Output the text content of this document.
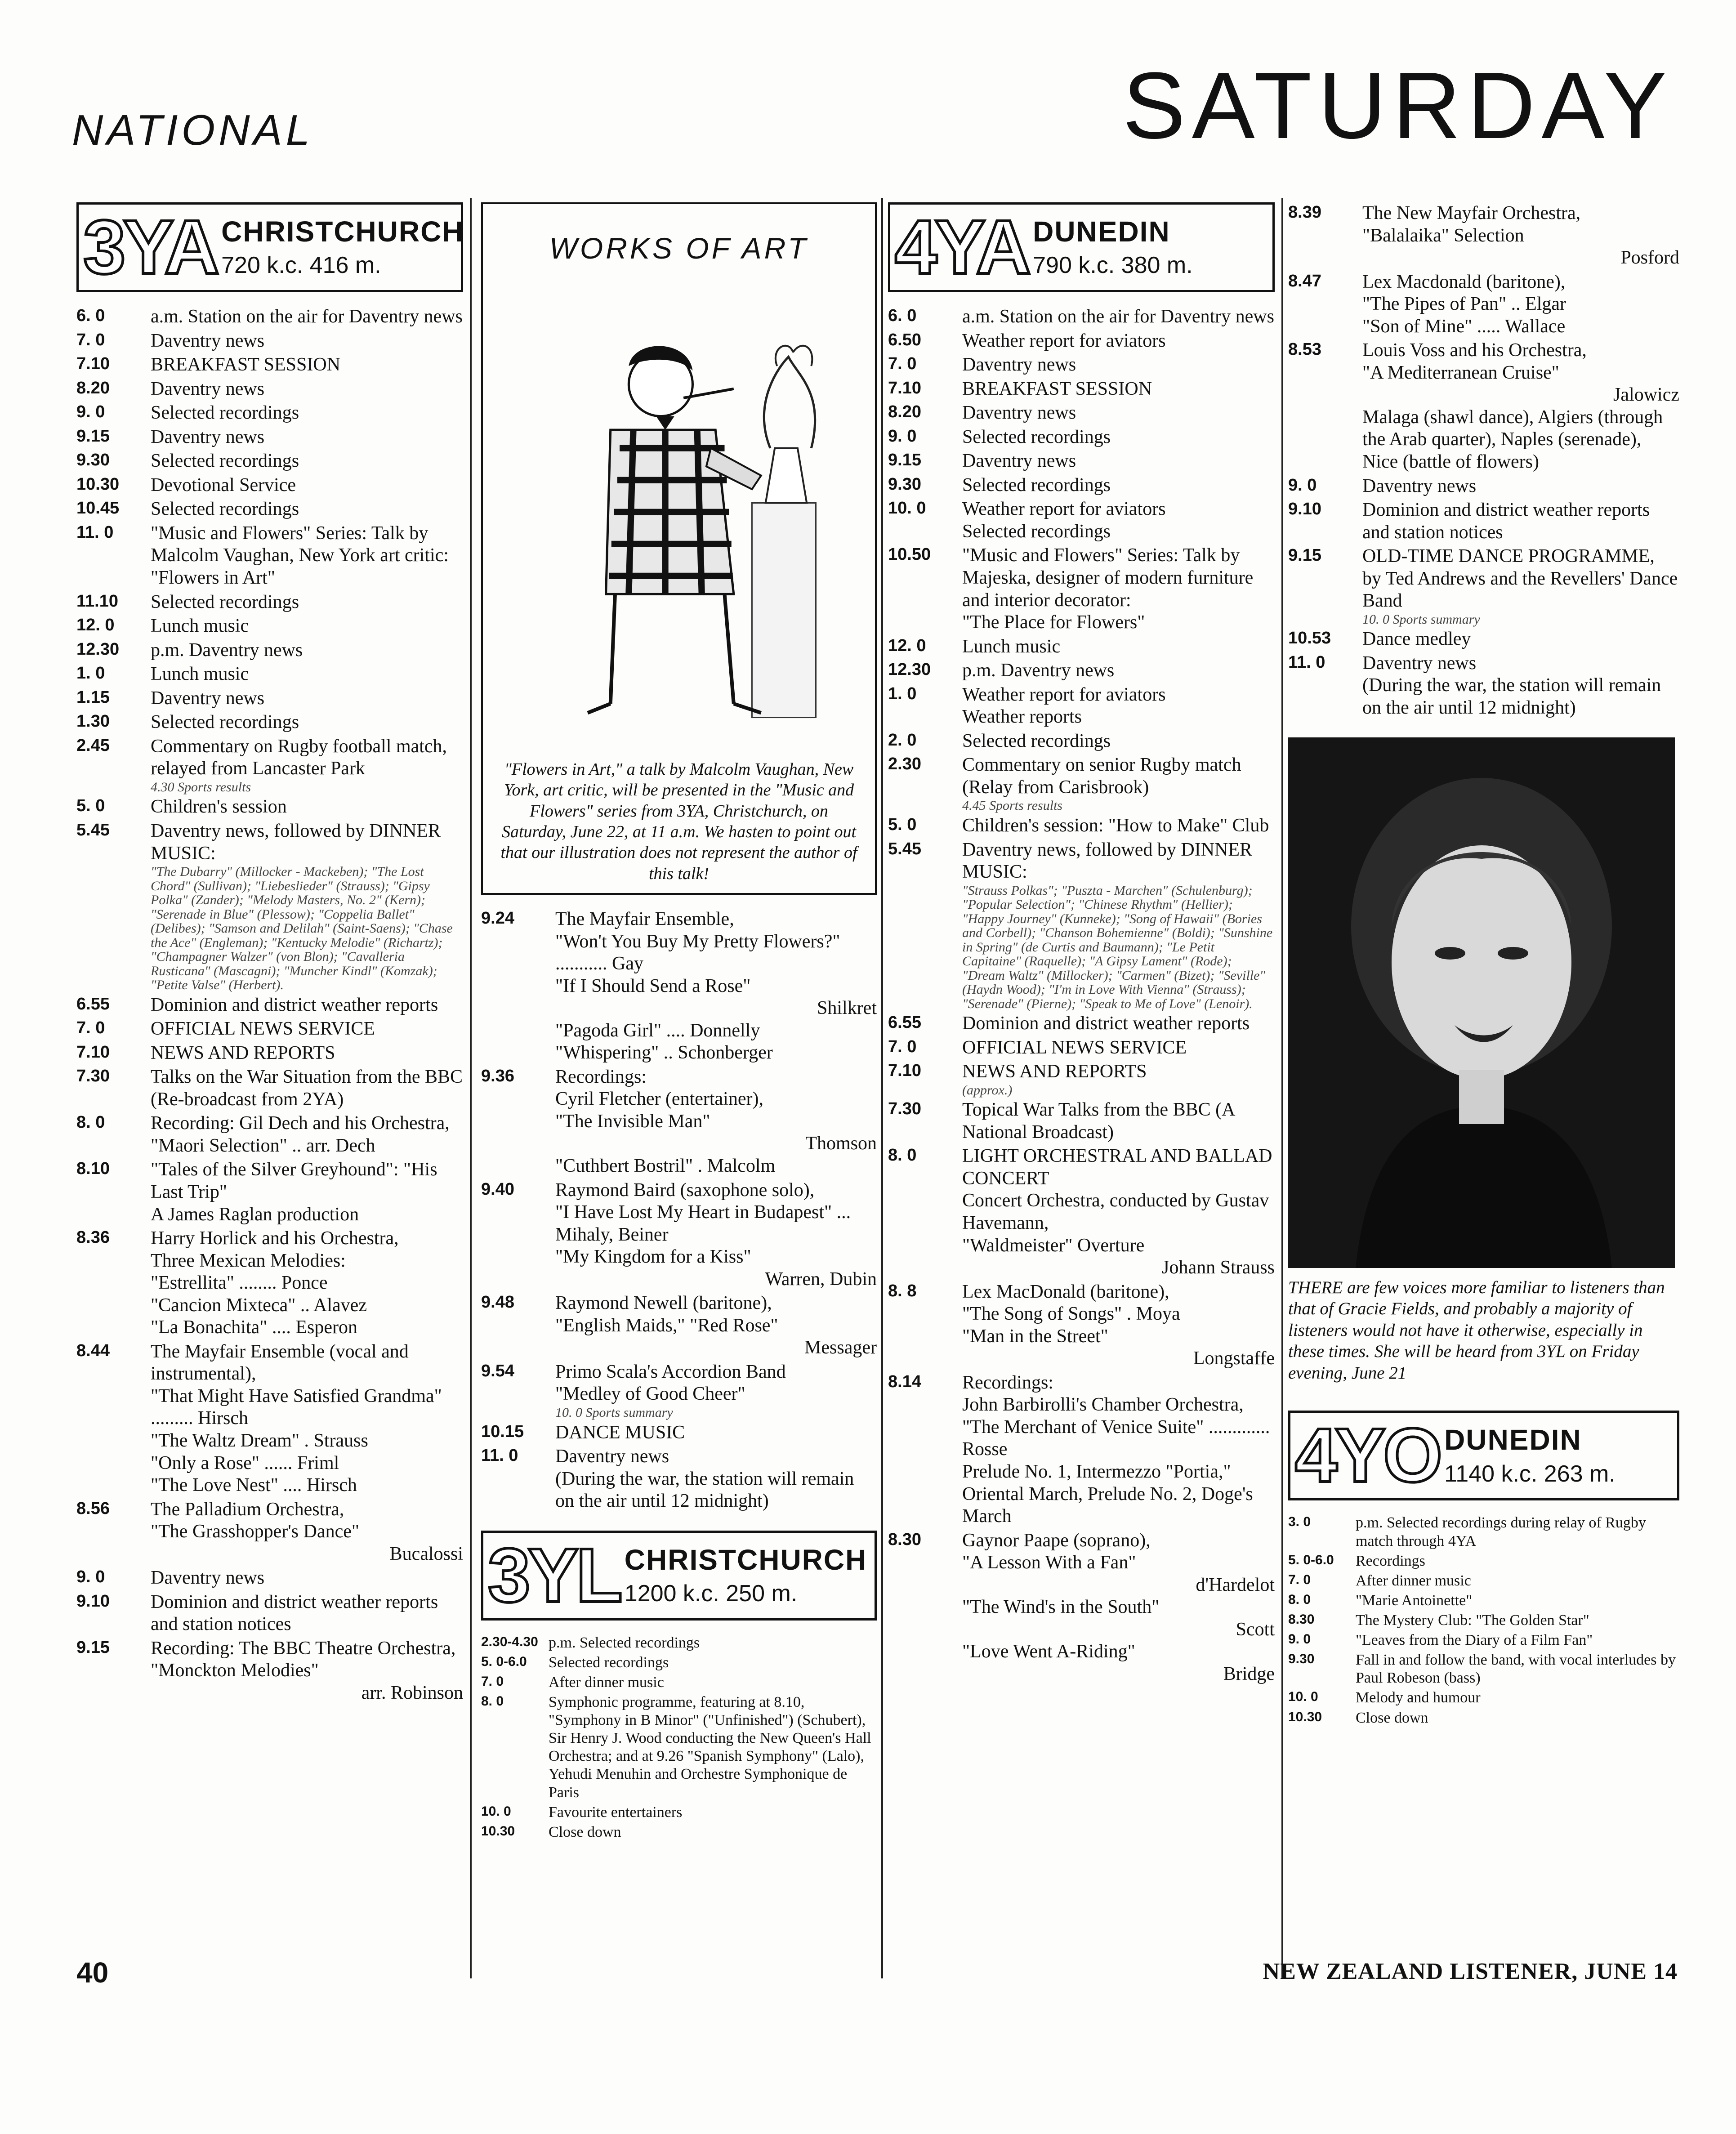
NATIONAL	SATURDAY
3YA CHRISTCHURCH
720 k.c. 416 m.
6. 0	a.m. Station on the air for Daventry news
7. 0	Daventry news
7.10	BREAKFAST SESSION
8.20	Daventry news
9. 0	Selected recordings
9.15	Daventry news
9.30	Selected recordings
10.30	Devotional Service
10.45	Selected recordings
11. 0	"Music and Flowers" Series: Talk by Malcolm Vaughan, New York art critic:
"Flowers in Art"
11.10	Selected recordings
12. 0	Lunch music
12.30	p.m. Daventry news
1. 0	Lunch music
1.15	Daventry news
1.30	Selected recordings
2.45	Commentary on Rugby football match, relayed from Lancaster Park
4.30 Sports results
5. 0	Children's session
5.45	Daventry news, followed by DINNER MUSIC:
"The Dubarry" (Millocker - Mackeben); "The Lost Chord" (Sullivan); "Liebeslieder" (Strauss); "Gipsy Polka" (Zander); "Melody Masters, No. 2" (Kern); "Serenade in Blue" (Plessow); "Coppelia Ballet" (Delibes); "Samson and Delilah" (Saint-Saens); "Chase the Ace" (Engleman); "Kentucky Melodie" (Richartz); "Champagner Walzer" (von Blon); "Cavalleria Rusticana" (Mascagni); "Muncher Kindl" (Komzak); "Petite Valse" (Herbert).
6.55	Dominion and district weather reports
7. 0	OFFICIAL NEWS SERVICE
7.10	NEWS AND REPORTS
7.30	Talks on the War Situation from the BBC (Re-broadcast from 2YA)
8. 0	Recording: Gil Dech and his Orchestra,
"Maori Selection" .. arr. Dech
8.10	"Tales of the Silver Greyhound": "His Last Trip"
A James Raglan production
8.36	Harry Horlick and his Orchestra,
Three Mexican Melodies:
"Estrellita" ........ Ponce
"Cancion Mixteca" .. Alavez
"La Bonachita" .... Esperon
8.44	The Mayfair Ensemble (vocal and instrumental),
"That Might Have Satisfied Grandma" ......... Hirsch
"The Waltz Dream" . Strauss
"Only a Rose" ...... Friml
"The Love Nest" .... Hirsch
8.56	The Palladium Orchestra,
"The Grasshopper's Dance"
Bucalossi
9. 0	Daventry news
9.10	Dominion and district weather reports and station notices
9.15	Recording: The BBC Theatre Orchestra,
"Monckton Melodies"
arr. Robinson
WORKS OF ART
"Flowers in Art," a talk by Malcolm Vaughan, New York, art critic, will be presented in the "Music and Flowers" series from 3YA, Christchurch, on Saturday, June 22, at 11 a.m. We hasten to point out that our illustration does not represent the author of this talk!
9.24	The Mayfair Ensemble,
"Won't You Buy My Pretty Flowers?" ........... Gay
"If I Should Send a Rose"
Shilkret
"Pagoda Girl" .... Donnelly
"Whispering" .. Schonberger
9.36	Recordings:
Cyril Fletcher (entertainer),
"The Invisible Man"
Thomson
"Cuthbert Bostril" . Malcolm
9.40	Raymond Baird (saxophone solo),
"I Have Lost My Heart in Budapest" ... Mihaly, Beiner
"My Kingdom for a Kiss"
Warren, Dubin
9.48	Raymond Newell (baritone),
"English Maids," "Red Rose"
Messager
9.54	Primo Scala's Accordion Band
"Medley of Good Cheer"
10. 0 Sports summary
10.15	DANCE MUSIC
11. 0	Daventry news
(During the war, the station will remain on the air until 12 midnight)
3YL CHRISTCHURCH
1200 k.c. 250 m.
2.30-4.30 p.m. Selected recordings
5. 0-6.0	Selected recordings
7. 0	After dinner music
8. 0	Symphonic programme, featuring at 8.10, "Symphony in B Minor" ("Unfinished") (Schubert), Sir Henry J. Wood conducting the New Queen's Hall Orchestra; and at 9.26 "Spanish Symphony" (Lalo), Yehudi Menuhin and Orchestre Symphonique de Paris
10. 0	Favourite entertainers
10.30	Close down
4YA DUNEDIN
790 k.c. 380 m.
6. 0	a.m. Station on the air for Daventry news
6.50	Weather report for aviators
7. 0	Daventry news
7.10	BREAKFAST SESSION
8.20	Daventry news
9. 0	Selected recordings
9.15	Daventry news
9.30	Selected recordings
10. 0	Weather report for aviators
Selected recordings
10.50	"Music and Flowers" Series: Talk by Majeska, designer of modern furniture and interior decorator:
"The Place for Flowers"
12. 0	Lunch music
12.30	p.m. Daventry news
1. 0	Weather report for aviators
Weather reports
2. 0	Selected recordings
2.30	Commentary on senior Rugby match (Relay from Carisbrook)
4.45 Sports results
5. 0	Children's session: "How to Make" Club
5.45	Daventry news, followed by DINNER MUSIC:
"Strauss Polkas"; "Puszta - Marchen" (Schulenburg); "Popular Selection"; "Chinese Rhythm" (Hellier); "Happy Journey" (Kunneke); "Song of Hawaii" (Bories and Corbell); "Chanson Bohemienne" (Boldi); "Sunshine in Spring" (de Curtis and Baumann); "Le Petit Capitaine" (Raquelle); "A Gipsy Lament" (Rode); "Dream Waltz" (Millocker); "Carmen" (Bizet); "Seville" (Haydn Wood); "I'm in Love With Vienna" (Strauss); "Serenade" (Pierne); "Speak to Me of Love" (Lenoir).
6.55	Dominion and district weather reports
7. 0	OFFICIAL NEWS SERVICE
7.10	NEWS AND REPORTS
(approx.)
7.30	Topical War Talks from the BBC (A National Broadcast)
8. 0	LIGHT ORCHESTRAL AND BALLAD CONCERT
Concert Orchestra, conducted by Gustav Havemann,
"Waldmeister" Overture
Johann Strauss
8. 8	Lex MacDonald (baritone),
"The Song of Songs" . Moya
"Man in the Street"
Longstaffe
8.14	Recordings:
John Barbirolli's Chamber Orchestra,
"The Merchant of Venice Suite" ............. Rosse
Prelude No. 1, Intermezzo "Portia," Oriental March, Prelude No. 2, Doge's March
8.30	Gaynor Paape (soprano),
"A Lesson With a Fan"
d'Hardelot
"The Wind's in the South"
Scott
"Love Went A-Riding"
Bridge
8.39	The New Mayfair Orchestra,
"Balalaika" Selection
Posford
8.47	Lex Macdonald (baritone),
"The Pipes of Pan" .. Elgar
"Son of Mine" ..... Wallace
8.53	Louis Voss and his Orchestra,
"A Mediterranean Cruise"
Jalowicz
Malaga (shawl dance), Algiers (through the Arab quarter), Naples (serenade), Nice (battle of flowers)
9. 0	Daventry news
9.10	Dominion and district weather reports and station notices
9.15	OLD-TIME DANCE PROGRAMME,
by Ted Andrews and the Revellers' Dance Band
10. 0 Sports summary
10.53	Dance medley
11. 0	Daventry news
(During the war, the station will remain on the air until 12 midnight)
THERE are few voices more familiar to listeners than that of Gracie Fields, and probably a majority of listeners would not have it otherwise, especially in these times. She will be heard from 3YL on Friday evening, June 21
4YO DUNEDIN
1140 k.c. 263 m.
3. 0	p.m. Selected recordings during relay of Rugby match through 4YA
5. 0-6.0	Recordings
7. 0	After dinner music
8. 0	"Marie Antoinette"
8.30	The Mystery Club: "The Golden Star"
9. 0	"Leaves from the Diary of a Film Fan"
9.30	Fall in and follow the band, with vocal interludes by Paul Robeson (bass)
10. 0	Melody and humour
10.30	Close down
40	NEW ZEALAND LISTENER, JUNE 14
